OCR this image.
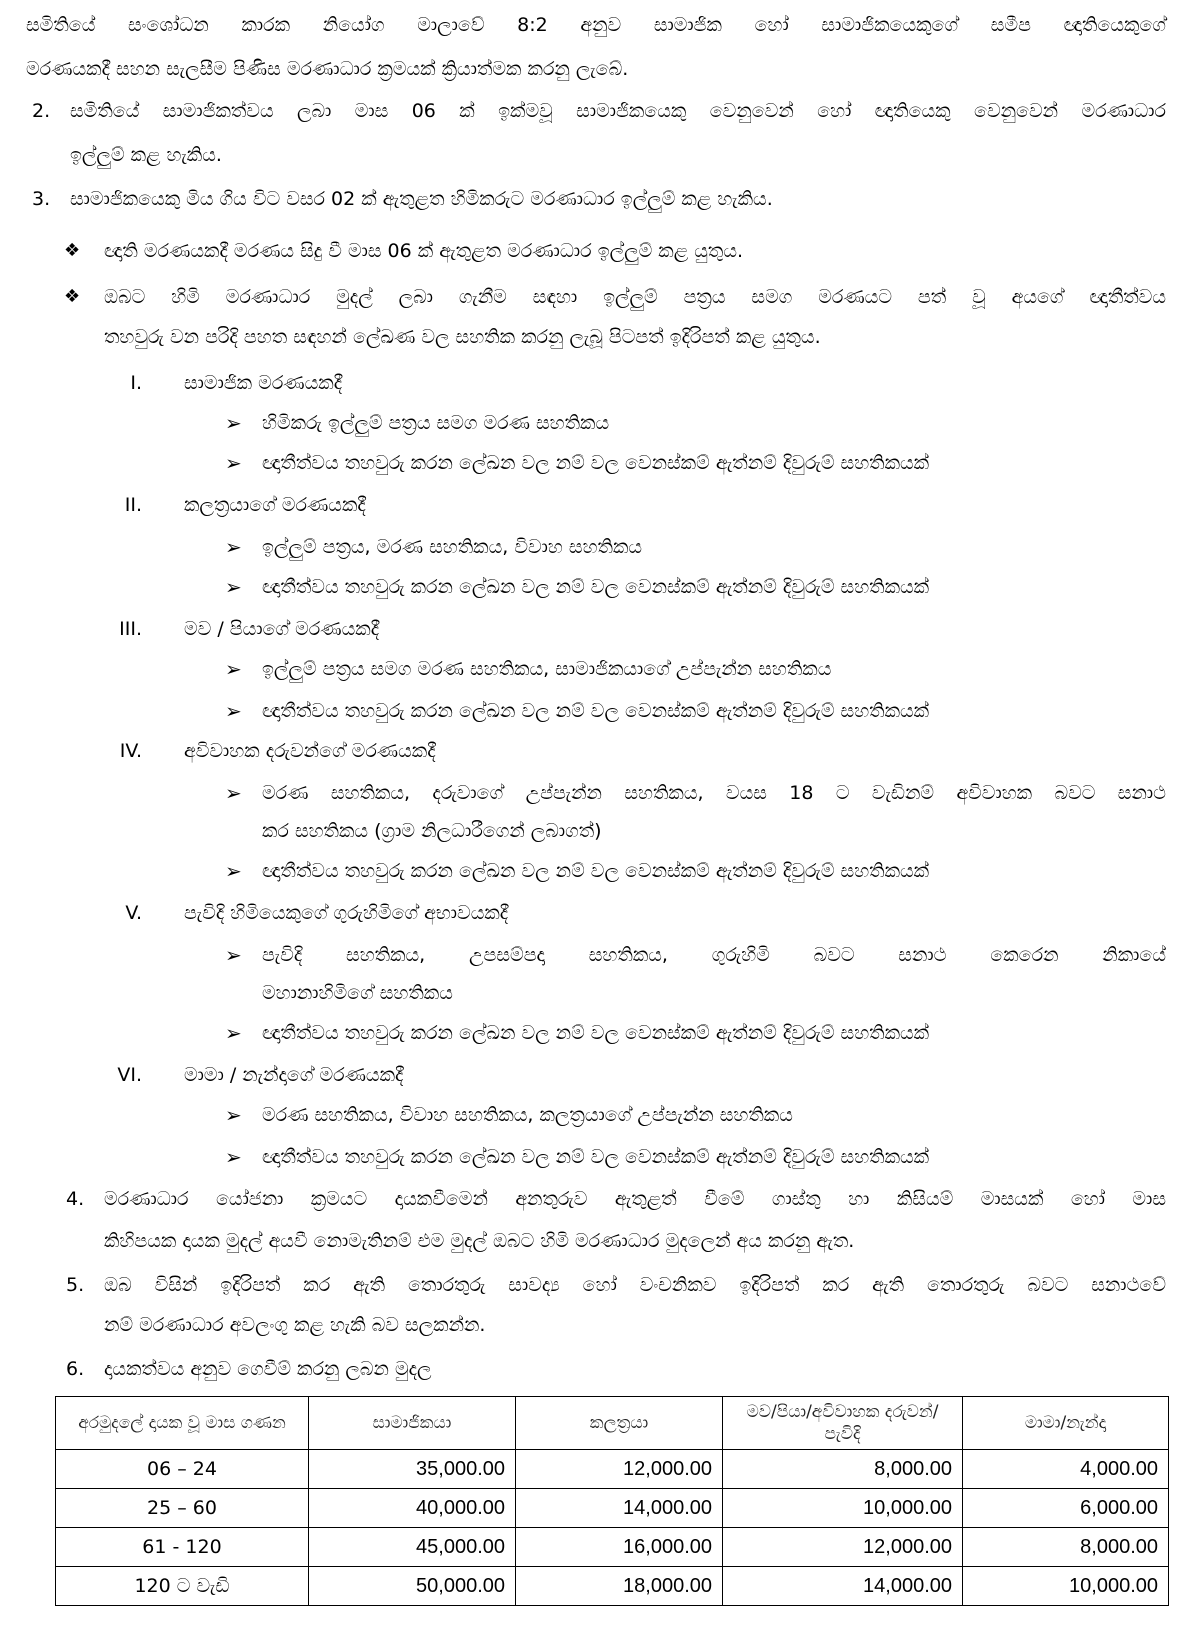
සමිතියේ සංශෝධන කාරක නියෝග මාලාවේ 8:2 අනුව සාමාජික හෝ සාමාජිකයෙකුගේ සමීප ඥාතියෙකුගේ
මරණයකදී සහන සැලසීම පිණිස මරණාධාර ක්‍රමයක් ක්‍රියාත්මක කරනු ලැබේ.
2. සමිතියේ සාමාජිකත්වය ලබා මාස 06 ක් ඉක්මවූ සාමාජිකයෙකු වෙනුවෙන් හෝ ඥාතියෙකු වෙනුවෙන් මරණාධාර
ඉල්ලුම් කළ හැකිය.
3. සාමාජිකයෙකු මිය ගිය විට වසර 02 ක් ඇතුළත හිමිකරුට මරණාධාර ඉල්ලුම් කළ හැකිය.
❖ ඥාති මරණයකදී මරණය සිදු වී මාස 06 ක් ඇතුළත මරණාධාර ඉල්ලුම් කළ යුතුය.
❖ ඔබට හිමි මරණාධාර මුදල් ලබා ගැනීම සඳහා ඉල්ලුම් පත්‍රය සමග මරණයට පත් වූ අයගේ ඥාතීත්වය
තහවුරු වන පරිදි පහත සඳහන් ලේඛණ වල සහතික කරනු ලැබූ පිටපත් ඉදිරිපත් කළ යුතුය.
I. සාමාජික මරණයකදී
➢ හිමිකරු ඉල්ලුම් පත්‍රය සමග මරණ සහතිකය
➢ ඥාතීත්වය තහවුරු කරන ලේඛන වල නම් වල වෙනස්කම් ඇත්නම් දිවුරුම් සහතිකයක්
II. කලත්‍රයාගේ මරණයකදී
➢ ඉල්ලුම් පත්‍රය, මරණ සහතිකය, විවාහ සහතිකය
➢ ඥාතීත්වය තහවුරු කරන ලේඛන වල නම් වල වෙනස්කම් ඇත්නම් දිවුරුම් සහතිකයක්
III. මව / පියාගේ මරණයකදී
➢ ඉල්ලුම් පත්‍රය සමග මරණ සහතිකය, සාමාජිකයාගේ උප්පැන්න සහතිකය
➢ ඥාතීත්වය තහවුරු කරන ලේඛන වල නම් වල වෙනස්කම් ඇත්නම් දිවුරුම් සහතිකයක්
IV. අවිවාහක දරුවන්ගේ මරණයකදී
➢ මරණ සහතිකය, දරුවාගේ උප්පැන්න සහතිකය, වයස 18 ට වැඩිනම් අවිවාහක බවට සනාථ
කර සහතිකය (ග්‍රාම නිලධාරීගෙන් ලබාගත්)
➢ ඥාතීත්වය තහවුරු කරන ලේඛන වල නම් වල වෙනස්කම් ඇත්නම් දිවුරුම් සහතිකයක්
V. පැවිදි හිමියෙකුගේ ගුරුහිමිගේ අභාවයකදී
➢ පැවිදි සහතිකය, උපසම්පදා සහතිකය, ගුරුහිමි බවට සනාථ කෙරෙන නිකායේ
මහානාහිමිගේ සහතිකය
➢ ඥාතීත්වය තහවුරු කරන ලේඛන වල නම් වල වෙනස්කම් ඇත්නම් දිවුරුම් සහතිකයක්
VI. මාමා / නැන්දාගේ මරණයකදී
➢ මරණ සහතිකය, විවාහ සහතිකය, කලත්‍රයාගේ උප්පැන්න සහතිකය
➢ ඥාතීත්වය තහවුරු කරන ලේඛන වල නම් වල වෙනස්කම් ඇත්නම් දිවුරුම් සහතිකයක්
4. මරණාධාර යෝජනා ක්‍රමයට දායකවීමෙන් අනතුරුව ඇතුළත් වීමේ ගාස්තු හා කිසියම් මාසයක් හෝ මාස
කිහිපයක දායක මුදල් අයවී නොමැතිනම් එම මුදල් ඔබට හිමි මරණාධාර මුදලෙන් අය කරනු ඇත.
5. ඔබ විසින් ඉදිරිපත් කර ඇති තොරතුරු සාවද්‍ය හෝ වංචනිකව ඉදිරිපත් කර ඇති තොරතුරු බවට සනාථවේ
නම් මරණාධාර අවලංගු කළ හැකි බව සලකන්න.
6. දායකත්වය අනුව ගෙවීම් කරනු ලබන මුදල
අරමුදලේ දායක වූ මාස ගණන	සාමාජිකයා	කලත්‍රයා	මව/පියා/අවිවාහක දරුවන්/ පැවිදි	මාමා/නැන්දා
06 – 24	35,000.00	12,000.00	8,000.00	4,000.00
25 – 60	40,000.00	14,000.00	10,000.00	6,000.00
61 - 120	45,000.00	16,000.00	12,000.00	8,000.00
120 ට වැඩි	50,000.00	18,000.00	14,000.00	10,000.00
